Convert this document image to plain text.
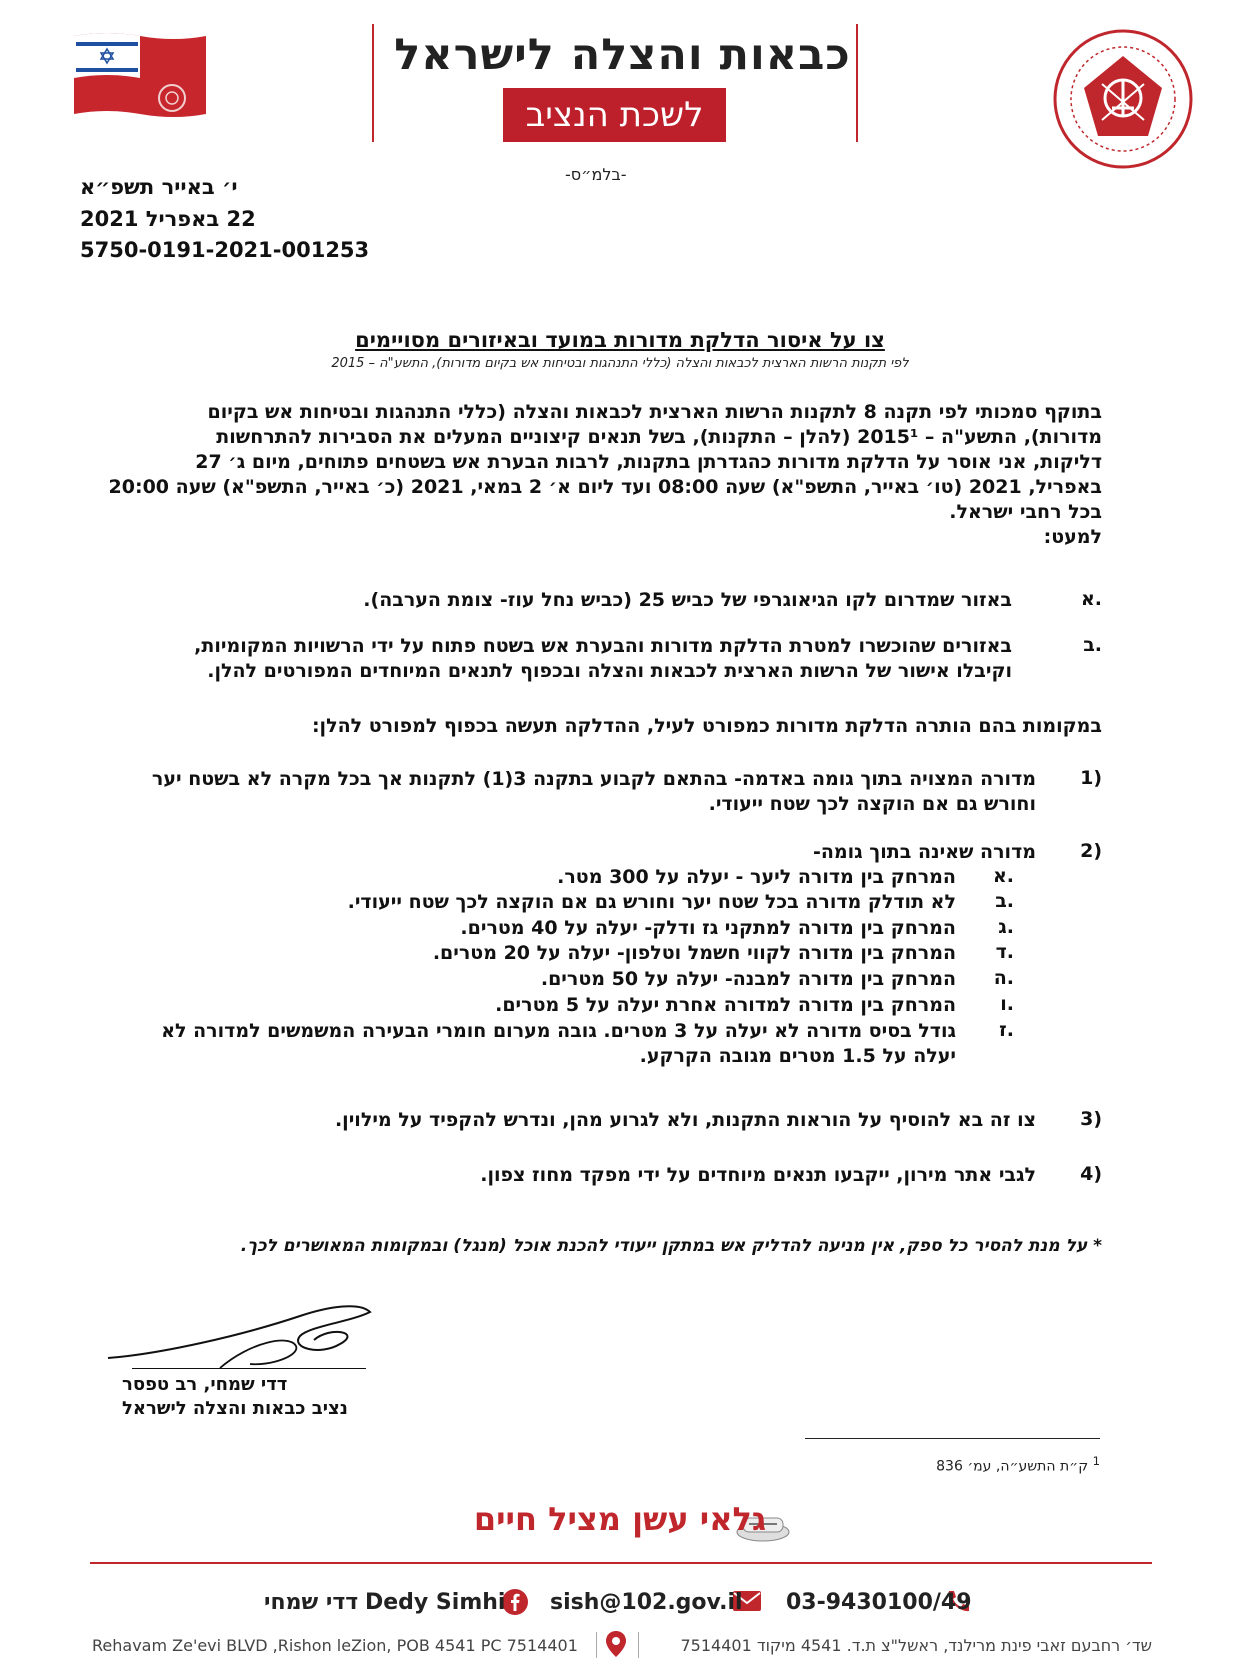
כבאות והצלה לישראל
לשכת הנציב
-בלמ״ס-
י׳ באייר תשפ״א
22 באפריל 2021
5750-0191-2021-001253
צו על איסור הדלקת מדורות במועד ובאיזורים מסויימים
לפי תקנות הרשות הארצית לכבאות והצלה (כללי התנהגות ובטיחות אש בקיום מדורות), התשע"ה – 2015
בתוקף סמכותי לפי תקנה 8 לתקנות הרשות הארצית לכבאות והצלה (כללי התנהגות ובטיחות אש בקיום
מדורות), התשע"ה – 2015¹ (להלן – התקנות), בשל תנאים קיצוניים המעלים את הסבירות להתרחשות
דליקות, אני אוסר על הדלקת מדורות כהגדרתן בתקנות, לרבות הבערת אש בשטחים פתוחים, מיום ג׳ 27
באפריל, 2021 (טו׳ באייר, התשפ"א) שעה 08:00 ועד ליום א׳ 2 במאי, 2021 (כ׳ באייר, התשפ"א) שעה 20:00
בכל רחבי ישראל.
למעט:
א.
באזור שמדרום לקו הגיאוגרפי של כביש 25 (כביש נחל עוז- צומת הערבה).
ב.
באזורים שהוכשרו למטרת הדלקת מדורות והבערת אש בשטח פתוח על ידי הרשויות המקומיות,
וקיבלו אישור של הרשות הארצית לכבאות והצלה ובכפוף לתנאים המיוחדים המפורטים להלן.
במקומות בהם הותרה הדלקת מדורות כמפורט לעיל, ההדלקה תעשה בכפוף למפורט להלן:
1)
מדורה המצויה בתוך גומה באדמה- בהתאם לקבוע בתקנה 3(1) לתקנות אך בכל מקרה לא בשטח יער
וחורש גם אם הוקצה לכך שטח ייעודי.
2)
מדורה שאינה בתוך גומה-
א.
המרחק בין מדורה ליער - יעלה על 300 מטר.
ב.
לא תודלק מדורה בכל שטח יער וחורש גם אם הוקצה לכך שטח ייעודי.
ג.
המרחק בין מדורה למתקני גז ודלק- יעלה על 40 מטרים.
ד.
המרחק בין מדורה לקווי חשמל וטלפון- יעלה על 20 מטרים.
ה.
המרחק בין מדורה למבנה- יעלה על 50 מטרים.
ו.
המרחק בין מדורה למדורה אחרת יעלה על 5 מטרים.
ז.
גודל בסיס מדורה לא יעלה על 3 מטרים. גובה מערום חומרי הבעירה המשמשים למדורה לא
יעלה על 1.5 מטרים מגובה הקרקע.
3)
צו זה בא להוסיף על הוראות התקנות, ולא לגרוע מהן, ונדרש להקפיד על מילוין.
4)
לגבי אתר מירון, ייקבעו תנאים מיוחדים על ידי מפקד מחוז צפון.
* על מנת להסיר כל ספק, אין מניעה להדליק אש במתקן ייעודי להכנת אוכל (מנגל) ובמקומות המאושרים לכך.
דדי שמחי, רב טפסר
נציב כבאות והצלה לישראל
$^1$ ק״ת התשע״ה, עמ׳ 836
גלאי עשן מציל חיים
03-9430100/49
sish@102.gov.il
Dedy Simhi
דדי שמחי
Rehavam Ze'evi BLVD ,Rishon leZion, POB 4541 PC 7514401	שד׳ רחבעם זאבי פינת מרילנד, ראשל"צ ת.ד. 4541 מיקוד 7514401
